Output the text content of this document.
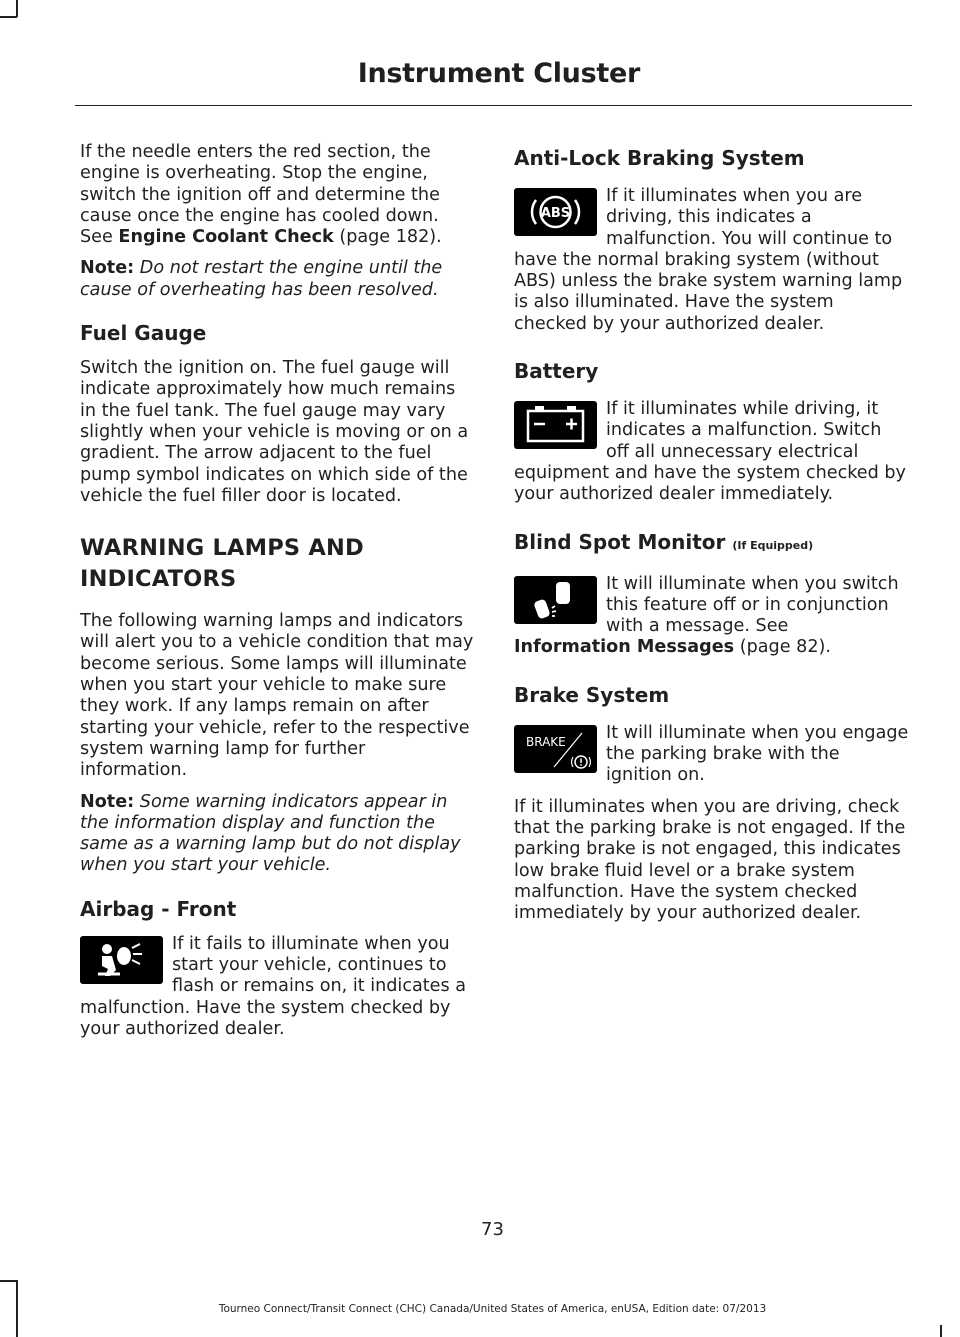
Instrument Cluster

If the needle enters the red section, the engine is overheating. Stop the engine, switch the ignition off and determine the cause once the engine has cooled down. See Engine Coolant Check (page 182).

Note: Do not restart the engine until the cause of overheating has been resolved.

Fuel Gauge

Switch the ignition on. The fuel gauge will indicate approximately how much remains in the fuel tank. The fuel gauge may vary slightly when your vehicle is moving or on a gradient. The arrow adjacent to the fuel pump symbol indicates on which side of the vehicle the fuel filler door is located.

WARNING LAMPS AND
INDICATORS

The following warning lamps and indicators will alert you to a vehicle condition that may become serious. Some lamps will illuminate when you start your vehicle to make sure they work. If any lamps remain on after starting your vehicle, refer to the respective system warning lamp for further information.

Note: Some warning indicators appear in the information display and function the same as a warning lamp but do not display when you start your vehicle.

Airbag - Front

If it fails to illuminate when you start your vehicle, continues to flash or remains on, it indicates a malfunction. Have the system checked by your authorized dealer.

Anti-Lock Braking System
ABS

If it illuminates when you are driving, this indicates a malfunction. You will continue to have the normal braking system (without ABS) unless the brake system warning lamp is also illuminated. Have the system checked by your authorized dealer.

Battery

If it illuminates while driving, it indicates a malfunction. Switch off all unnecessary electrical equipment and have the system checked by your authorized dealer immediately.

Blind Spot Monitor (If Equipped)

It will illuminate when you switch this feature off or in conjunction with a message. See
Information Messages (page 82).

Brake System
BRAKE	It will illuminate when you engage the parking brake with the ignition on.

If it illuminates when you are driving, check that the parking brake is not engaged. If the parking brake is not engaged, this indicates low brake fluid level or a brake system malfunction. Have the system checked immediately by your authorized dealer.

73
Tourneo Connect/Transit Connect (CHC) Canada/United States of America, enUSA, Edition date: 07/2013
